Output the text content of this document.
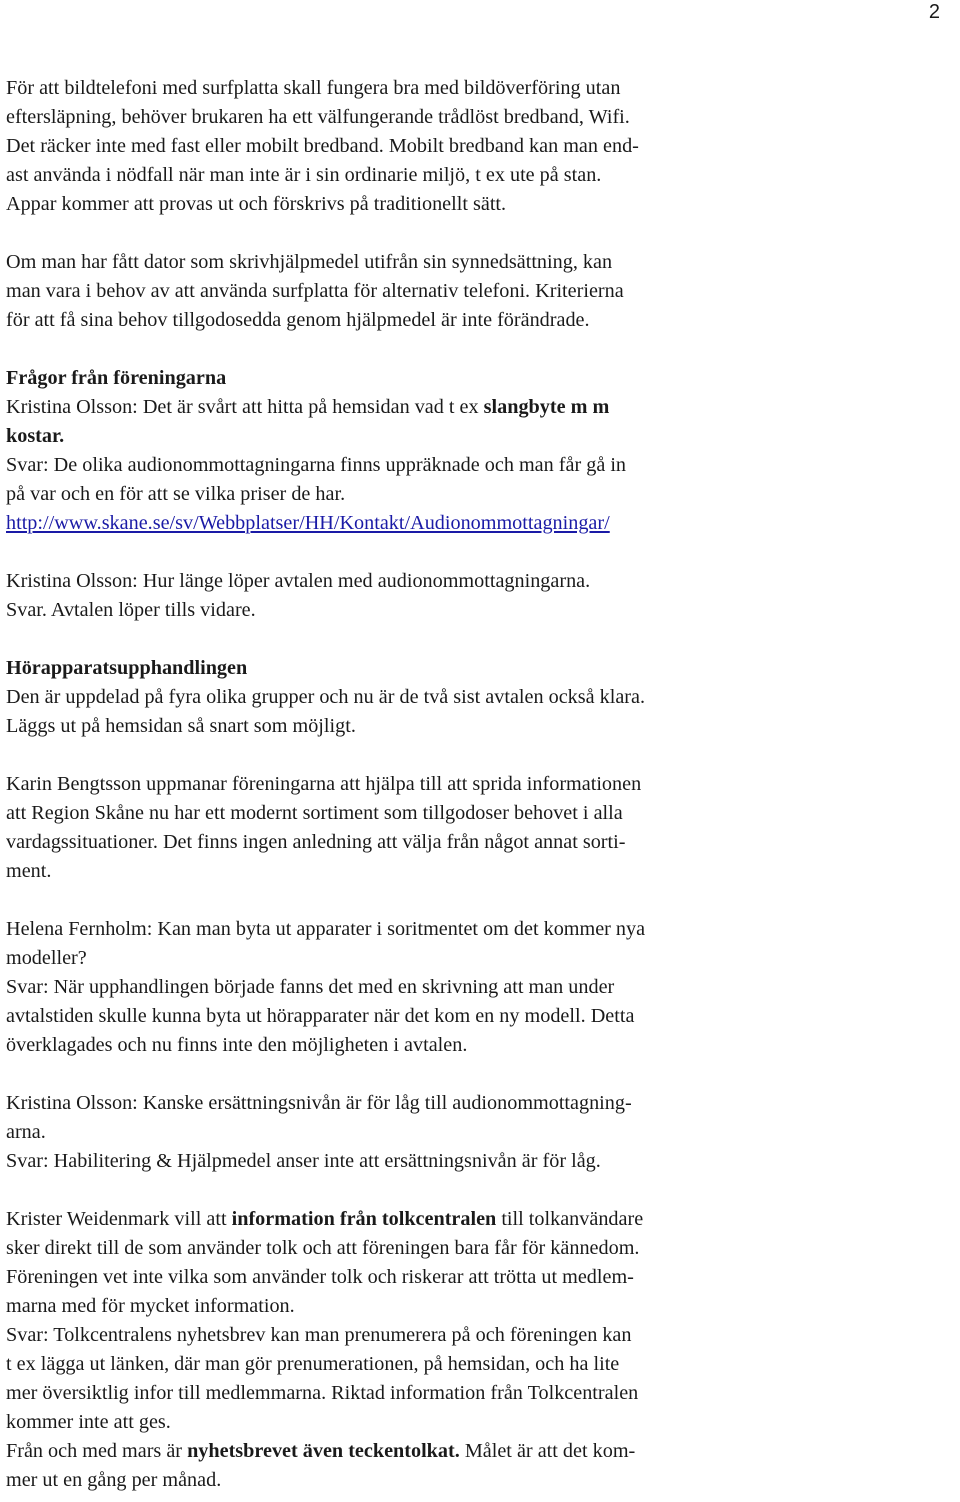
2
För att bildtelefoni med surfplatta skall fungera bra med bildöverföring utan
eftersläpning, behöver brukaren ha ett välfungerande trådlöst bredband, Wifi.
Det räcker inte med fast eller mobilt bredband. Mobilt bredband kan man end-
ast använda i nödfall när man inte är i sin ordinarie miljö, t ex ute på stan.
Appar kommer att provas ut och förskrivs på traditionellt sätt.
Om man har fått dator som skrivhjälpmedel utifrån sin synnedsättning, kan
man vara i behov av att använda surfplatta för alternativ telefoni. Kriterierna
för att få sina behov tillgodosedda genom hjälpmedel är inte förändrade.
Frågor från föreningarna
Kristina Olsson: Det är svårt att hitta på hemsidan vad t ex slangbyte m m
kostar.
Svar: De olika audionommottagningarna finns uppräknade och man får gå in
på var och en för att se vilka priser de har.
http://www.skane.se/sv/Webbplatser/HH/Kontakt/Audionommottagningar/
Kristina Olsson: Hur länge löper avtalen med audionommottagningarna.
Svar. Avtalen löper tills vidare.
Hörapparatsupphandlingen
Den är uppdelad på fyra olika grupper och nu är de två sist avtalen också klara.
Läggs ut på hemsidan så snart som möjligt.
Karin Bengtsson uppmanar föreningarna att hjälpa till att sprida informationen
att Region Skåne nu har ett modernt sortiment som tillgodoser behovet i alla
vardagssituationer. Det finns ingen anledning att välja från något annat sorti-
ment.
Helena Fernholm: Kan man byta ut apparater i soritmentet om det kommer nya
modeller?
Svar: När upphandlingen började fanns det med en skrivning att man under
avtalstiden skulle kunna byta ut hörapparater när det kom en ny modell. Detta
överklagades och nu finns inte den möjligheten i avtalen.
Kristina Olsson: Kanske ersättningsnivån är för låg till audionommottagning-
arna.
Svar: Habilitering & Hjälpmedel anser inte att ersättningsnivån är för låg.
Krister Weidenmark vill att information från tolkcentralen till tolkanvändare
sker direkt till de som använder tolk och att föreningen bara får för kännedom.
Föreningen vet inte vilka som använder tolk och riskerar att trötta ut medlem-
marna med för mycket information.
Svar: Tolkcentralens nyhetsbrev kan man prenumerera på och föreningen kan
t ex lägga ut länken, där man gör prenumerationen, på hemsidan, och ha lite
mer översiktlig infor till medlemmarna. Riktad information från Tolkcentralen
kommer inte att ges.
Från och med mars är nyhetsbrevet även teckentolkat. Målet är att det kom-
mer ut en gång per månad.
